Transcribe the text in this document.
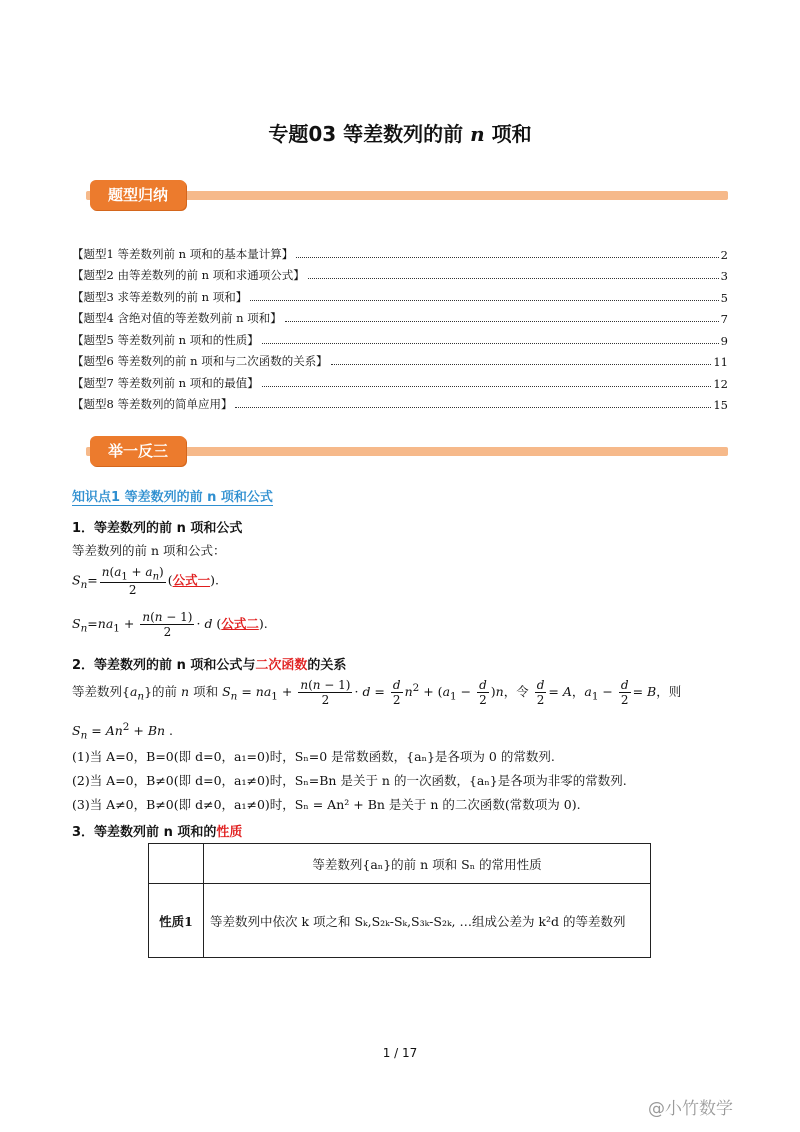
专题03 等差数列的前 n 项和
题型归纳
【题型1 等差数列前 n 项和的基本量计算】	2
【题型2 由等差数列的前 n 项和求通项公式】	3
【题型3 求等差数列的前 n 项和】	5
【题型4 含绝对值的等差数列前 n 项和】	7
【题型5 等差数列前 n 项和的性质】	9
【题型6 等差数列的前 n 项和与二次函数的关系】	11
【题型7 等差数列前 n 项和的最值】	12
【题型8 等差数列的简单应用】	15
举一反三
知识点1 等差数列的前 n 项和公式
1．等差数列的前 n 项和公式
等差数列的前 n 项和公式：
$S_n= \frac{n(a_1 + a_n)}{2}$ (公式一).
$S_n=na_1 + \frac{n(n - 1)}{2} \cdot d$ (公式二).
2．等差数列的前 n 项和公式与二次函数的关系
等差数列$\{a_n\}$的前 n 项和 $S_n = na_1 + \frac{n(n - 1)}{2} \cdot d = \frac{d}{2} n^2 + (a_1 - \frac{d}{2} )n$，令 $\frac{d}{2} = A$，$a_1 - \frac{d}{2} = B$，则
$S_n = An^2 + Bn$ .
(1)当 A=0，B=0(即 d=0，a₁=0)时，Sₙ=0 是常数函数，{aₙ}是各项为 0 的常数列.
(2)当 A=0，B≠0(即 d=0，a₁≠0)时，Sₙ=Bn 是关于 n 的一次函数，{aₙ}是各项为非零的常数列.
(3)当 A≠0，B≠0(即 d≠0，a₁≠0)时，Sₙ = An² + Bn 是关于 n 的二次函数(常数项为 0).
3．等差数列前 n 项和的性质
	等差数列{aₙ}的前 n 项和 Sₙ 的常用性质
性质1	等差数列中依次 k 项之和 Sₖ,S₂ₖ-Sₖ,S₃ₖ-S₂ₖ, …组成公差为 k²d 的等差数列
1 / 17
@小竹数学
